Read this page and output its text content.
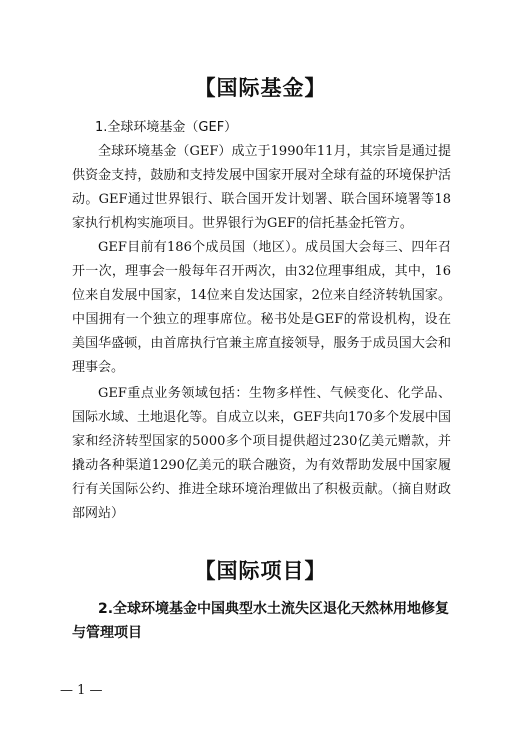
【国际基金】
1.全球环境基金（GEF）
全球环境基金（GEF）成立于1990年11月，其宗旨是通过提供资金支持，鼓励和支持发展中国家开展对全球有益的环境保护活动。GEF通过世界银行、联合国开发计划署、联合国环境署等18家执行机构实施项目。世界银行为GEF的信托基金托管方。
GEF目前有186个成员国（地区）。成员国大会每三、四年召开一次，理事会一般每年召开两次，由32位理事组成，其中，16位来自发展中国家，14位来自发达国家，2位来自经济转轨国家。中国拥有一个独立的理事席位。秘书处是GEF的常设机构，设在美国华盛顿，由首席执行官兼主席直接领导，服务于成员国大会和理事会。
GEF重点业务领域包括：生物多样性、气候变化、化学品、国际水域、土地退化等。自成立以来，GEF共向170多个发展中国家和经济转型国家的5000多个项目提供超过230亿美元赠款，并撬动各种渠道1290亿美元的联合融资，为有效帮助发展中国家履行有关国际公约、推进全球环境治理做出了积极贡献。（摘自财政部网站）
【国际项目】
2.全球环境基金中国典型水土流失区退化天然林用地修复与管理项目
— 1 —
